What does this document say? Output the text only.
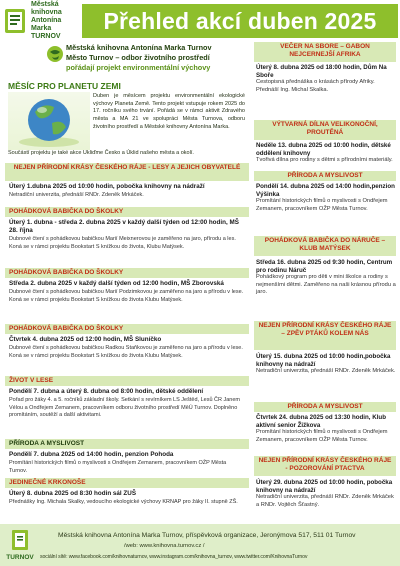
Městská
knihovna
Antonína Marka
TURNOV
Přehled akcí duben 2025
Městská knihovna Antonína Marka Turnov
Město Turnov – odbor životního prostředí
pořádají projekt environmentální výchovy
MĚSÍC PRO PLANETU ZEMI
Duben je měsícem projektu environmentální ekologické výchovy Planeta Země. Tento projekt vstupuje rokem 2025 do 17. ročníku svého trvání. Pořádá se v rámci aktivit Zdravého města a MA 21 ve spolupráci Města Turnova, odboru životního prostředí a Městské knihovny Antonína Marka.
Součástí projektu je také akce Ukliďme Česko a Úklid našeho města a okolí.
NEJEN PŘÍRODNÍ KRÁSY ČESKÉHO RÁJE - LESY A JEJICH OBYVATELÉ
Úterý 1.dubna 2025 od 10:00 hodin, pobočka knihovny na nádraží
Netradiční univerzita, přednáší RNDr. Zdeněk Mrkáček.
POHÁDKOVÁ BABIČKA DO ŠKOLKY
Úterý 1. dubna - středa 2. dubna 2025 v každý další týden od 12:00 hodin, MŠ 28. října
Dubnové čtení s pohádkovou babičkou Marií Meixnerovou je zaměřeno na jaro, přírodu a les. Koná se v rámci projektu Bookstart S knížkou do života, Klubu Matýsek.
POHÁDKOVÁ BABIČKA DO ŠKOLKY
Středa 2. dubna 2025 v každý další týden od 12:00 hodin, MŠ Zborovská
Dubnové čtení s pohádkovou babičkou Marií Podzimkovou je zaměřeno na jaro a přírodu v lese. Koná se v rámci projektu Bookstart S knížkou do života Klubu Matýsek.
POHÁDKOVÁ BABIČKA DO ŠKOLKY
Čtvrtek 4. dubna 2025 od 12:00 hodin, MŠ Sluníčko
Dubnové čtení s pohádkovou babičkou Radkou Staňkovou je zaměřeno na jaro a přírodu v lese. Koná se v rámci projektu Bookstart S knížkou do života Klubu Matýsek.
ŽIVOT V LESE
Pondělí 7. dubna a úterý 8. dubna od 8:00 hodin, dětské oddělení
Pořad pro žáky 4. a 5. ročníků základní školy. Setkání s revírníkem LS Ještěd, Lesů ČR Janem Vélou a Ondřejem Zemanem, pracovníkem odboru životního prostředí MěÚ Turnov. Doplněno promítáním, soutěží a další aktivitami.
PŘÍRODA A MYSLIVOST
Pondělí 7. dubna 2025 od 14:00 hodin, penzion Pohoda
Promítání historických filmů o myslivosti s Ondřejem Zemanem, pracovníkem OŽP Města Turnov.
JEDINEČNÉ KRKONOŠE
Úterý 8. dubna 2025 od 8:30 hodin sál ZUŠ
Přednášky Ing. Michala Skalky, vedoucího ekologické výchovy KRNAP pro žáky II. stupně ZŠ.
VEČER NA SBORE – GABON NEJCERNEJŠÍ AFRIKA
Úterý 8. dubna 2025 od 18:00 hodin, Dům Na Sboře
Cestopisná přednáška o krásách přírody Afriky. Přednáší Ing. Michal Skalka.
VÝTVARNÁ DÍLNA VELIKONOČNÍ, PROUTĚNÁ
Neděle 13. dubna 2025 od 10:00 hodin, dětské oddělení knihovny
Tvořivá dílna pro rodiny s dětmi s přírodními materiály.
PŘÍRODA A MYSLIVOST
Pondělí 14. dubna 2025 od 14:00 hodin,penzion Výšinka
Promítání historických filmů o myslivosti s Ondřejem Zemanem, pracovníkem OŽP Města Turnov.
POHÁDKOVÁ BABIČKA DO NÁRUČE – KLUB MATÝSEK
Středa 16. dubna 2025 od 9:30 hodin, Centrum pro rodinu Náruč
Pohádkový program pro děti v mini školce a rodiny s nejmenšími dětmi. Zaměřeno na naši krásnou přírodu a jaro.
NEJEN PŘÍRODNÍ KRÁSY ČESKÉHO RÁJE – ZPĚV PTÁKŮ KOLEM NÁS
Úterý 15. dubna 2025 od 10:00 hodin,pobočka knihovny na nádraží
Netradiční univerzita, přednáší RNDr. Zdeněk Mrkáček.
PŘÍRODA A MYSLIVOST
Čtvrtek 24. dubna 2025 od 13:30 hodin, Klub aktivní senior Žižkova
Promítání historických filmů o myslivosti s Ondřejem Zemanem, pracovníkem OŽP Města Turnov.
NEJEN PŘÍRODNÍ KRÁSY ČESKÉHO RÁJE - POZOROVÁNÍ PTACTVA
Úterý 29. dubna 2025 od 10:00 hodin, pobočka knihovny na nádraží
Netradiční univerzita, přednáší RNDr. Zdeněk Mrkáček a RNDr. Vojtěch Šťastný.
TURNOV
Městská knihovna Antonína Marka Turnov, příspěvková organizace, Jeronýmova 517, 511 01 Turnov
/web: www.knihovna.turnov.cz /
sociální sítě: www.facebook.com/knihovnaturnov, www.instagram.com/knihovna_turnov, www.twitter.com/KnihovnaTurnov
